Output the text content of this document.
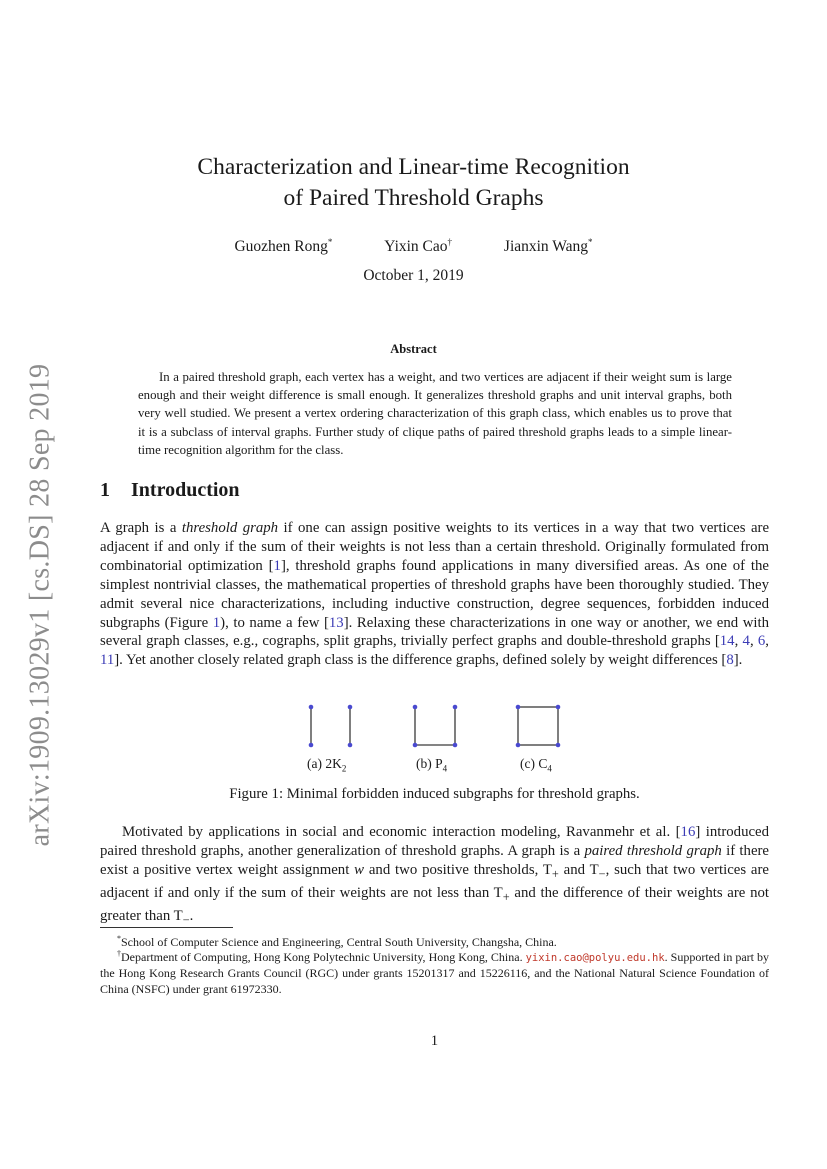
arXiv:1909.13029v1 [cs.DS] 28 Sep 2019
Characterization and Linear-time Recognition
of Paired Threshold Graphs
Guozhen Rong*	Yixin Cao†	Jianxin Wang*
October 1, 2019
Abstract
In a paired threshold graph, each vertex has a weight, and two vertices are adjacent if their weight sum is large enough and their weight difference is small enough. It generalizes threshold graphs and unit interval graphs, both very well studied. We present a vertex ordering characterization of this graph class, which enables us to prove that it is a subclass of interval graphs. Further study of clique paths of paired threshold graphs leads to a simple linear-time recognition algorithm for the class.
1 Introduction
A graph is a threshold graph if one can assign positive weights to its vertices in a way that two vertices are adjacent if and only if the sum of their weights is not less than a certain threshold. Originally formulated from combinatorial optimization [1], threshold graphs found applications in many diversified areas. As one of the simplest nontrivial classes, the mathematical properties of threshold graphs have been thoroughly studied. They admit several nice characterizations, including inductive construction, degree sequences, forbidden induced subgraphs (Figure 1), to name a few [13]. Relaxing these characterizations in one way or another, we end with several graph classes, e.g., cographs, split graphs, trivially perfect graphs and double-threshold graphs [14, 4, 6, 11]. Yet another closely related graph class is the difference graphs, defined solely by weight differences [8].
(a) $2K_2$	(b) $P_4$	(c) $C_4$
Figure 1: Minimal forbidden induced subgraphs for threshold graphs.
Motivated by applications in social and economic interaction modeling, Ravanmehr et al. [16] introduced paired threshold graphs, another generalization of threshold graphs. A graph is a paired threshold graph if there exist a positive vertex weight assignment w and two positive thresholds, $T_+$ and $T_-$, such that two vertices are adjacent if and only if the sum of their weights are not less than $T_+$ and the difference of their weights are not greater than $T_-$.
*School of Computer Science and Engineering, Central South University, Changsha, China.
†Department of Computing, Hong Kong Polytechnic University, Hong Kong, China. yixin.cao@polyu.edu.hk. Supported in part by the Hong Kong Research Grants Council (RGC) under grants 15201317 and 15226116, and the National Natural Science Foundation of China (NSFC) under grant 61972330.
1
